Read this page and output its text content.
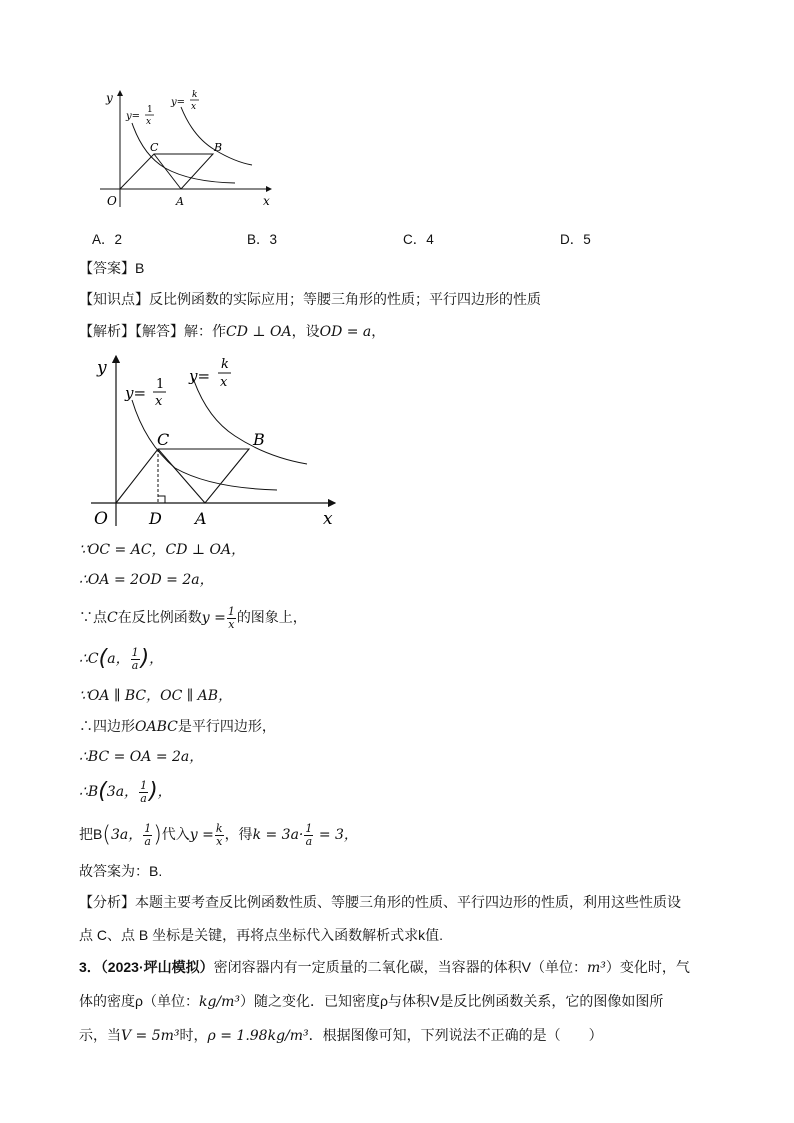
y
x
O	A
B
C
y=
1
x
y=
k
x
A．2	B．3	C．4	D．5
【答案】B
【知识点】反比例函数的实际应用；等腰三角形的性质；平行四边形的性质
【解析】【解答】解：作CD ⊥ OA，设OD = a，
y
x
O	D A
B
C
y= 1
x
y=
k
x
∵OC = AC，CD ⊥ OA，
∴OA = 2OD = 2a，
∵点C在反比例函数$y = \frac{1}{x}$ 的图象上，
∴C(a， $\frac{1}{a}$ )，
∵OA ∥ BC，OC ∥ AB，
∴四边形OABC是平行四边形，
∴BC = OA = 2a，
∴B(3a， $\frac{1}{a}$ )，
把B(3a， $\frac{1}{a}$ )代入$y = \frac{k}{x}$ ，得$k = 3a\cdot \frac{1}{a} = 3$，
故答案为：B.
【分析】本题主要考查反比例函数性质、等腰三角形的性质、平行四边形的性质，利用这些性质设
点 C、点 B 坐标是关键，再将点坐标代入函数解析式求k值.
3．（2023·坪山模拟）密闭容器内有一定质量的二氧化碳，当容器的体积V（单位：m³）变化时，气
体的密度ρ（单位：kg/m³）随之变化．已知密度ρ与体积V是反比例函数关系，它的图像如图所
示，当V = 5m³时，ρ = 1.98kg/m³．根据图像可知，下列说法不正确的是（　　）
